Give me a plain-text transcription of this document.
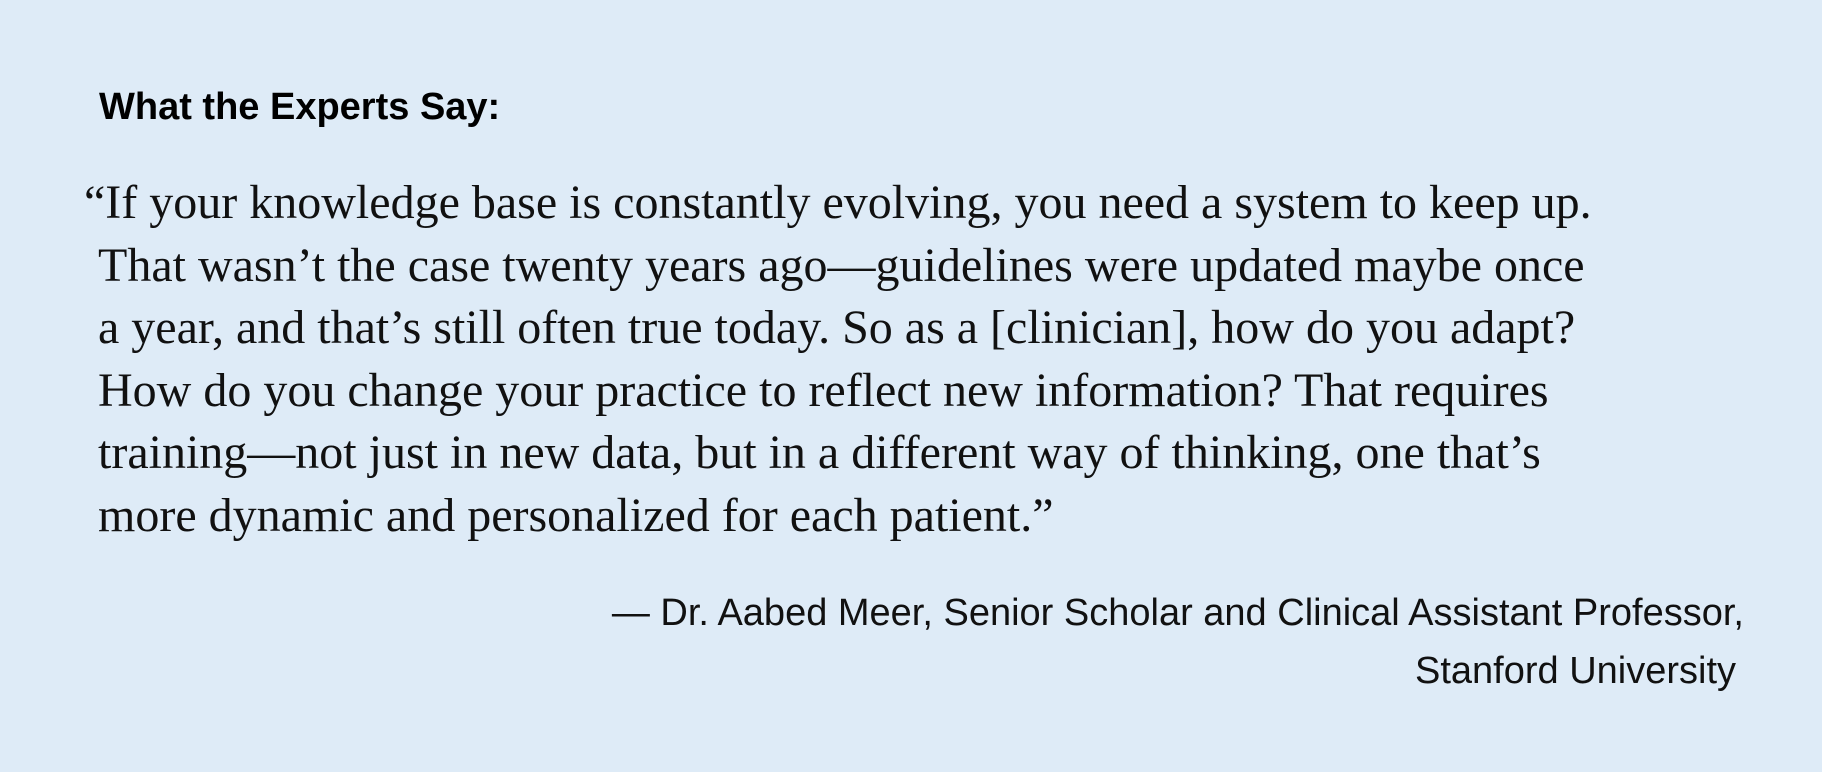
What the Experts Say:
“If your knowledge base is constantly evolving, you need a system to keep up.
That wasn’t the case twenty years ago—guidelines were updated maybe once
a year, and that’s still often true today. So as a [clinician], how do you adapt?
How do you change your practice to reflect new information? That requires
training—not just in new data, but in a different way of thinking, one that’s
more dynamic and personalized for each patient.”

— Dr. Aabed Meer, Senior Scholar and Clinical Assistant Professor,
Stanford University
